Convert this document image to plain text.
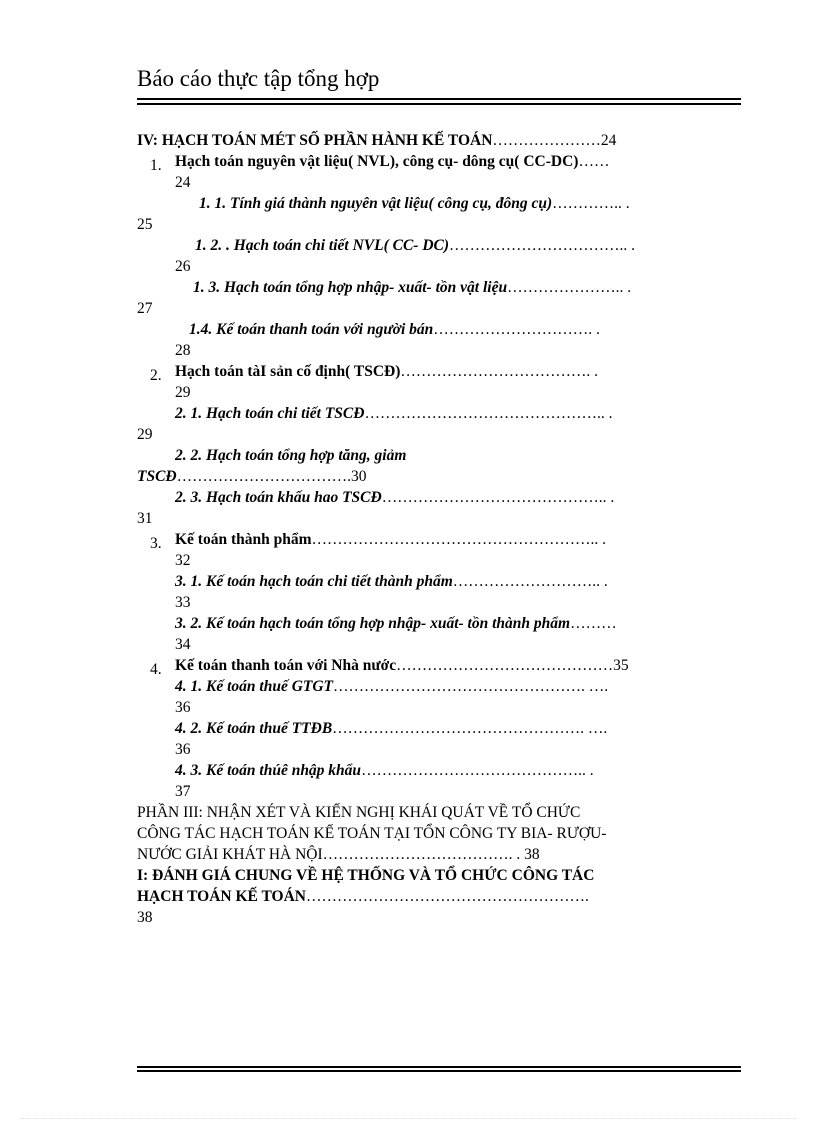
Báo cáo thực tập tổng hợp
IV: HẠCH TOÁN MÉT SỐ PHẦN HÀNH KẾ TOÁN…………………24
1. Hạch toán nguyên vật liệu( NVL), công cụ- dông cụ( CC-DC)……
24
1. 1. Tính giá thành nguyên vật liệu( công cụ, đông cụ)………….. .
25
1. 2. . Hạch toán chi tiết NVL( CC- DC)…………………………….. .
26
1. 3. Hạch toán tổng hợp nhập- xuất- tồn vật liệu………………….. .
27
1.4. Kế toán thanh toán với người bán…………………………. .
28
2. Hạch toán tàI sản cố định( TSCĐ)………………………………. .
29
2. 1. Hạch toán chi tiết TSCĐ……………………………………….. .
29
2. 2. Hạch toán tổng hợp tăng, giảm
TSCĐ…………………………….30
2. 3. Hạch toán khấu hao TSCĐ…………………………………….. .
31
3. Kế toán thành phẩm……………………………………………….. .
32
3. 1. Kế toán hạch toán chi tiết thành phẩm……………………….. .
33
3. 2. Kế toán hạch toán tổng hợp nhập- xuất- tồn thành phẩm………
34
4. Kế toán thanh toán với Nhà nước……………………………………35
4. 1. Kế toán thuế GTGT…………………………………………. ….
36
4. 2. Kế toán thuế TTĐB…………………………………………. ….
36
4. 3. Kế toán thúê nhập khẩu…………………………………….. .
37
PHẦN III: NHẬN XÉT VÀ KIẾN NGHỊ KHÁI QUÁT VỀ TỔ CHỨC
CÔNG TÁC HẠCH TOÁN KẾ TOÁN TẠI TỔN CÔNG TY BIA- RƯỢU-
NƯỚC GIẢI KHÁT HÀ NỘI………………………………. . 38
I: ĐÁNH GIÁ CHUNG VỀ HỆ THỐNG VÀ TỔ CHỨC CÔNG TÁC
HẠCH TOÁN KẾ TOÁN……………………………………………….
38
